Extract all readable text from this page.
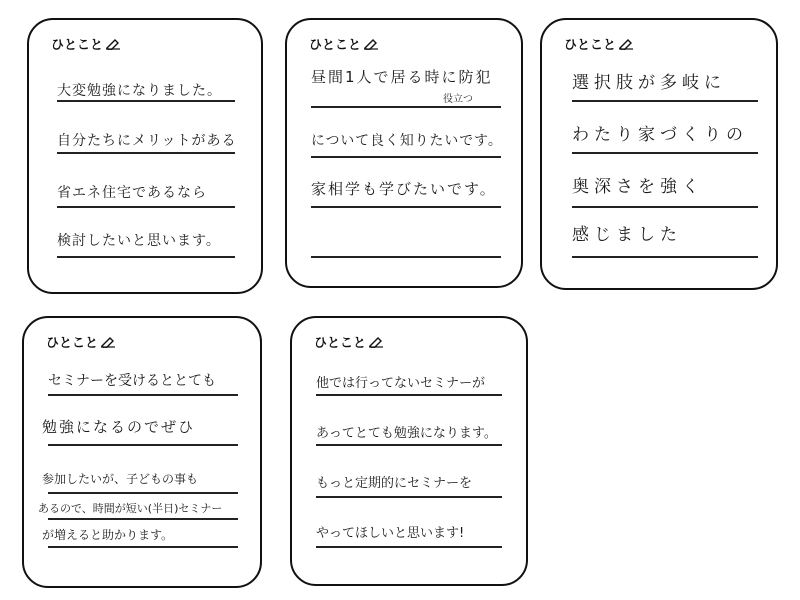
ひとこと
大変勉強になりました。
自分たちにメリットがある
省エネ住宅であるなら
検討したいと思います。
ひとこと
昼間1人で居る時に防犯
役立つ
について良く知りたいです。
家相学も学びたいです。
ひとこと
選択肢が多岐に
わたり家づくりの
奥深さを強く
感じました
ひとこと
セミナーを受けるととても
勉強になるのでぜひ
参加したいが、子どもの事も
あるので、時間が短い(半日)セミナー
が増えると助かります。
ひとこと
他では行ってないセミナーが
あってとても勉強になります。
もっと定期的にセミナーを
やってほしいと思います!
